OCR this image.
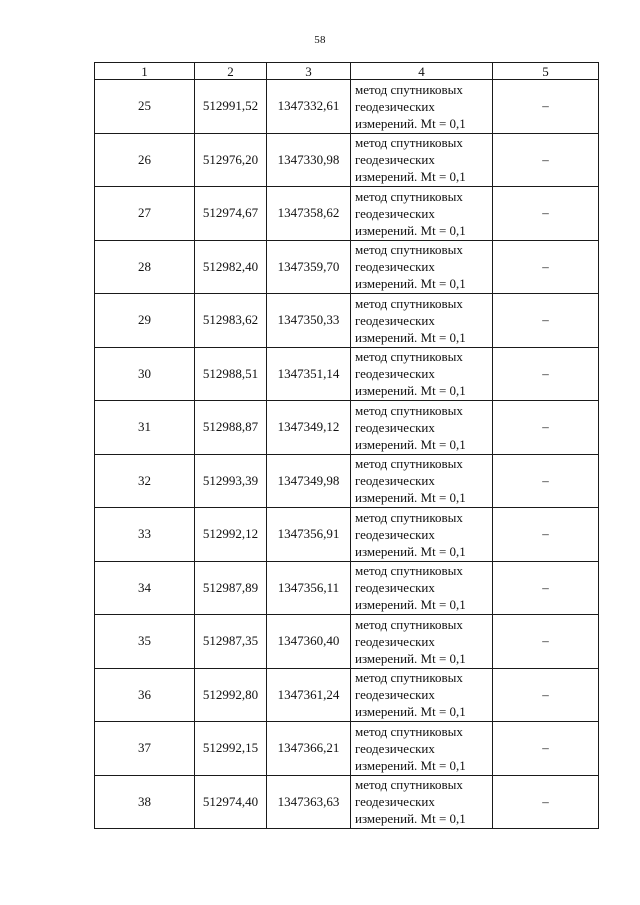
58
1	2	3	4	5
25	512991,52	1347332,61	метод спутниковых
геодезических
измерений. Mt = 0,1	–
26	512976,20	1347330,98	метод спутниковых
геодезических
измерений. Mt = 0,1	–
27	512974,67	1347358,62	метод спутниковых
геодезических
измерений. Mt = 0,1	–
28	512982,40	1347359,70	метод спутниковых
геодезических
измерений. Mt = 0,1	–
29	512983,62	1347350,33	метод спутниковых
геодезических
измерений. Mt = 0,1	–
30	512988,51	1347351,14	метод спутниковых
геодезических
измерений. Mt = 0,1	–
31	512988,87	1347349,12	метод спутниковых
геодезических
измерений. Mt = 0,1	–
32	512993,39	1347349,98	метод спутниковых
геодезических
измерений. Mt = 0,1	–
33	512992,12	1347356,91	метод спутниковых
геодезических
измерений. Mt = 0,1	–
34	512987,89	1347356,11	метод спутниковых
геодезических
измерений. Mt = 0,1	–
35	512987,35	1347360,40	метод спутниковых
геодезических
измерений. Mt = 0,1	–
36	512992,80	1347361,24	метод спутниковых
геодезических
измерений. Mt = 0,1	–
37	512992,15	1347366,21	метод спутниковых
геодезических
измерений. Mt = 0,1	–
38	512974,40	1347363,63	метод спутниковых
геодезических
измерений. Mt = 0,1	–
